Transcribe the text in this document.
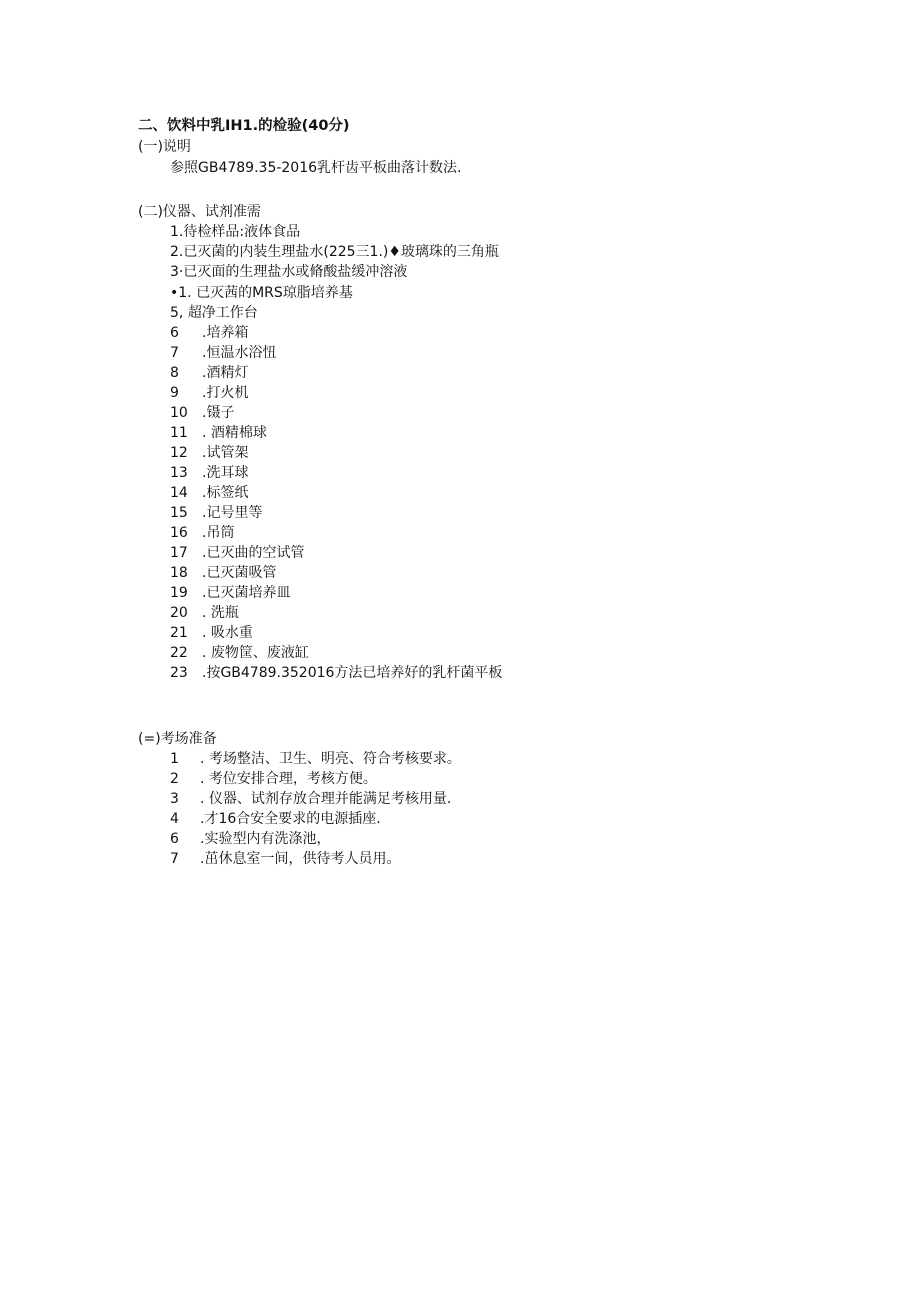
二、饮料中乳IH1.的检验(40分)
(一)说明
参照GB4789.35-2016乳杆齿平板曲落计数法.
(二)仪器、试剂准需
1.待检样品:液体食品
2.已灭菌的内装生理盐水(225三1.)♦玻璃珠的三角瓶
3·已灭面的生理盐水或脩酸盐缓冲溶液
•1. 已灭茜的MRS琼脂培养基
5, 超净工作台
6 .培养箱
7 .恒温水浴忸
8 .酒精灯
9 .打火机
10 .镊子
11 . 酒精棉球
12 .试管架
13 .洗耳球
14 .标签纸
15 .记号里等
16 .吊筒
17 .已灭曲的空试管
18 .已灭菌吸管
19 .已灭菌培养皿
20 . 洗瓶
21 . 吸水重
22 . 废物筐、废液缸
23 .按GB4789.352016方法已培养好的乳杆菌平板
(=)考场准备
1 . 考场整洁、卫生、明亮、符合考核要求。
2 . 考位安排合理，考核方便。
3 . 仪器、试剂存放合理并能满足考核用量.
4 .才16合安全要求的电源插座.
6 .实验型内有洗涤池，
7 .茁休息室一间，供待考人员用。
